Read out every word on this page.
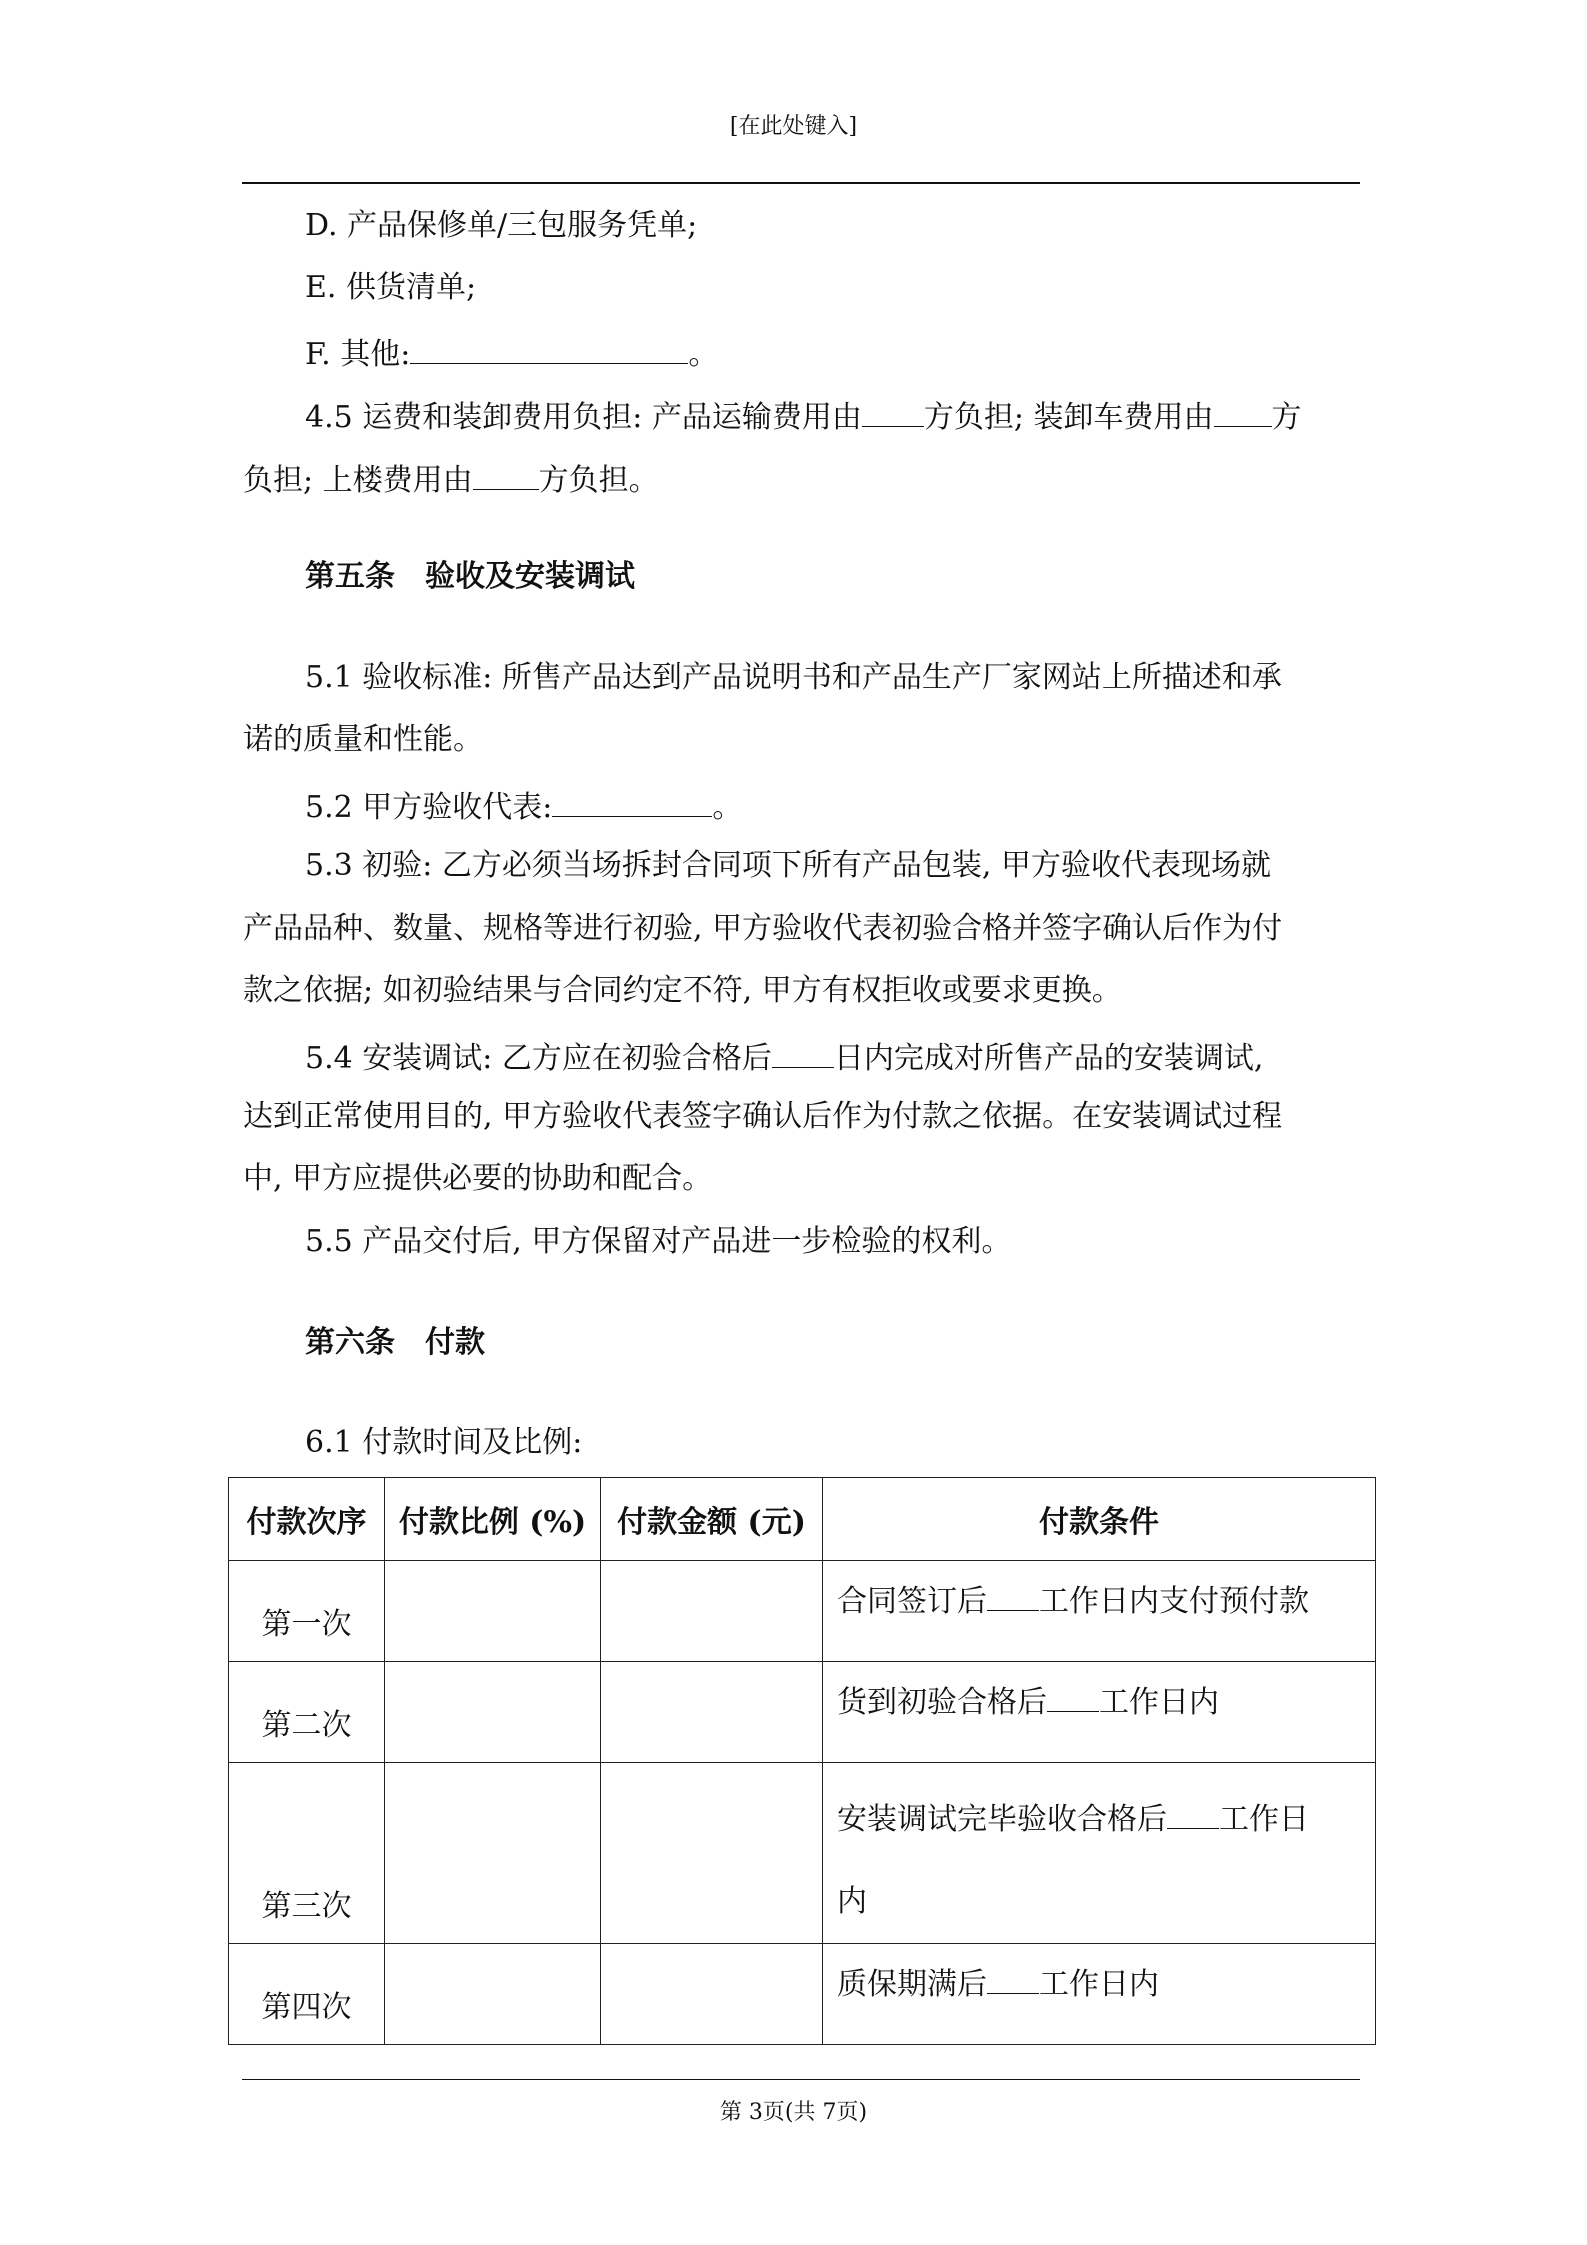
[在此处键入]
D. 产品保修单/三包服务凭单;
E. 供货清单;
F. 其他:	。
4.5 运费和装卸费用负担: 产品运输费用由 方负担; 装卸车费用由 方
负担; 上楼费用由 方负担。
第五条　验收及安装调试
5.1 验收标准: 所售产品达到产品说明书和产品生产厂家网站上所描述和承
诺的质量和性能。
5.2 甲方验收代表:	。
5.3 初验: 乙方必须当场拆封合同项下所有产品包装, 甲方验收代表现场就
产品品种、数量、规格等进行初验, 甲方验收代表初验合格并签字确认后作为付
款之依据; 如初验结果与合同约定不符, 甲方有权拒收或要求更换。
5.4 安装调试: 乙方应在初验合格后 日内完成对所售产品的安装调试,
达到正常使用目的, 甲方验收代表签字确认后作为付款之依据。在安装调试过程
中, 甲方应提供必要的协助和配合。
5.5 产品交付后, 甲方保留对产品进一步检验的权利。
第六条　付款
6.1 付款时间及比例:
付款次序	付款比例 (%)	付款金额 (元)	付款条件
第一次			合同签订后 工作日内支付预付款
第二次			货到初验合格后 工作日内
第三次			安装调试完毕验收合格后 工作日
内
第四次			质保期满后 工作日内
第 3页(共 7页)
